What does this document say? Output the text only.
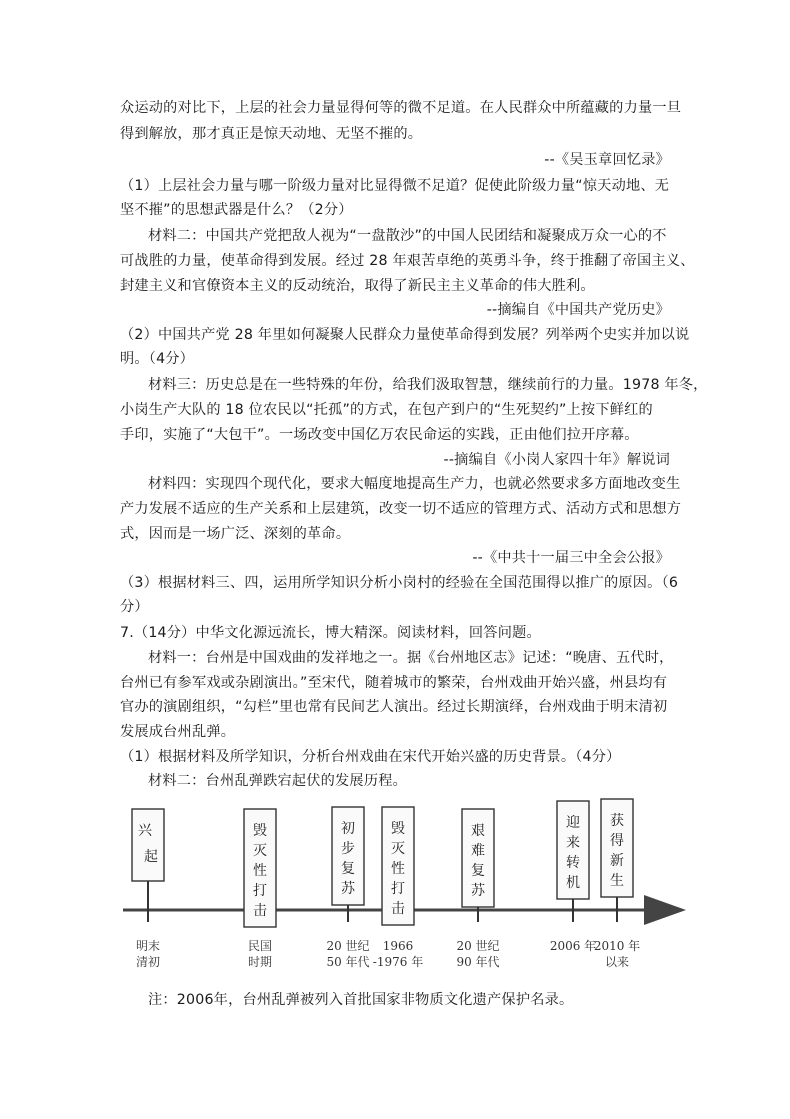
众运动的对比下，上层的社会力量显得何等的微不足道。在人民群众中所蕴藏的力量一旦
得到解放，那才真正是惊天动地、无坚不摧的。
--《吴玉章回忆录》
（1）上层社会力量与哪一阶级力量对比显得微不足道？促使此阶级力量“惊天动地、无
坚不摧”的思想武器是什么？（2分）
材料二：中国共产党把敌人视为“一盘散沙”的中国人民团结和凝聚成万众一心的不
可战胜的力量，使革命得到发展。经过 28 年艰苦卓绝的英勇斗争，终于推翻了帝国主义、
封建主义和官僚资本主义的反动统治，取得了新民主主义革命的伟大胜利。
--摘编自《中国共产党历史》
（2）中国共产党 28 年里如何凝聚人民群众力量使革命得到发展？列举两个史实并加以说
明。（4分）
材料三：历史总是在一些特殊的年份，给我们汲取智慧，继续前行的力量。1978 年冬，
小岗生产大队的 18 位农民以“托孤”的方式，在包产到户的“生死契约”上按下鲜红的
手印，实施了“大包干”。一场改变中国亿万农民命运的实践，正由他们拉开序幕。
--摘编自《小岗人家四十年》解说词
材料四：实现四个现代化，要求大幅度地提高生产力，也就必然要求多方面地改变生
产力发展不适应的生产关系和上层建筑，改变一切不适应的管理方式、活动方式和思想方
式，因而是一场广泛、深刻的革命。
--《中共十一届三中全会公报》
（3）根据材料三、四，运用所学知识分析小岗村的经验在全国范围得以推广的原因。（6
分）
7.（14分）中华文化源远流长，博大精深。阅读材料，回答问题。
材料一：台州是中国戏曲的发祥地之一。据《台州地区志》记述：“晚唐、五代时，
台州已有参军戏或杂剧演出。”至宋代，随着城市的繁荣，台州戏曲开始兴盛，州县均有
官办的演剧组织，“勾栏”里也常有民间艺人演出。经过长期演绎，台州戏曲于明末清初
发展成台州乱弹。
（1）根据材料及所学知识，分析台州戏曲在宋代开始兴盛的历史背景。（4分）
材料二：台州乱弹跌宕起伏的发展历程。
兴
起
明末
清初
毁
灭
性
打
击
民国
时期
初
步
复
苏
20 世纪
50 年代
毁
灭
性
打
击
1966
-1976 年
艰
难
复
苏
20 世纪
90 年代
迎
来
转
机
2006 年
获
得
新
生
2010 年
以来
注：2006年，台州乱弹被列入首批国家非物质文化遗产保护名录。
